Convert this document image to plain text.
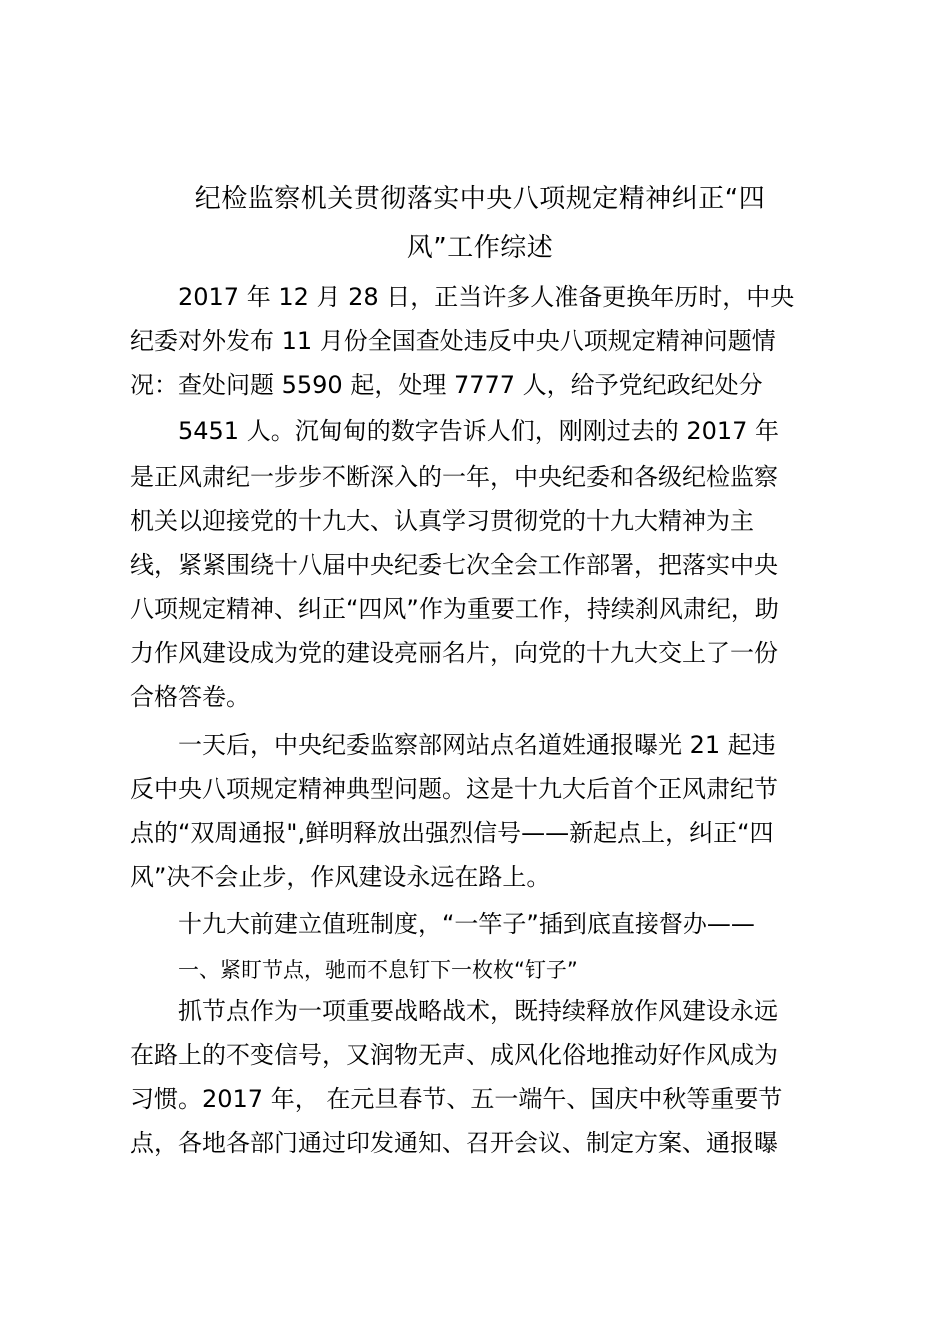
纪检监察机关贯彻落实中央八项规定精神纠正“四
风”工作综述
2017 年 12 月 28 日，正当许多人准备更换年历时，中央
纪委对外发布 11 月份全国查处违反中央八项规定精神问题情
况：查处问题 5590 起，处理 7777 人，给予党纪政纪处分
5451 人。沉甸甸的数字告诉人们，刚刚过去的 2017 年
是正风肃纪一步步不断深入的一年，中央纪委和各级纪检监察
机关以迎接党的十九大、认真学习贯彻党的十九大精神为主
线，紧紧围绕十八届中央纪委七次全会工作部署，把落实中央
八项规定精神、纠正“四风”作为重要工作，持续刹风肃纪，助
力作风建设成为党的建设亮丽名片，向党的十九大交上了一份
合格答卷。
一天后，中央纪委监察部网站点名道姓通报曝光 21 起违
反中央八项规定精神典型问题。这是十九大后首个正风肃纪节
点的“双周通报",鲜明释放出强烈信号——新起点上，纠正“四
风”决不会止步，作风建设永远在路上。
十九大前建立值班制度，“一竿子”插到底直接督办——
一、紧盯节点，驰而不息钉下一枚枚“钉子”
抓节点作为一项重要战略战术，既持续释放作风建设永远
在路上的不变信号，又润物无声、成风化俗地推动好作风成为
习惯。2017 年， 在元旦春节、五一端午、国庆中秋等重要节
点，各地各部门通过印发通知、召开会议、制定方案、通报曝
